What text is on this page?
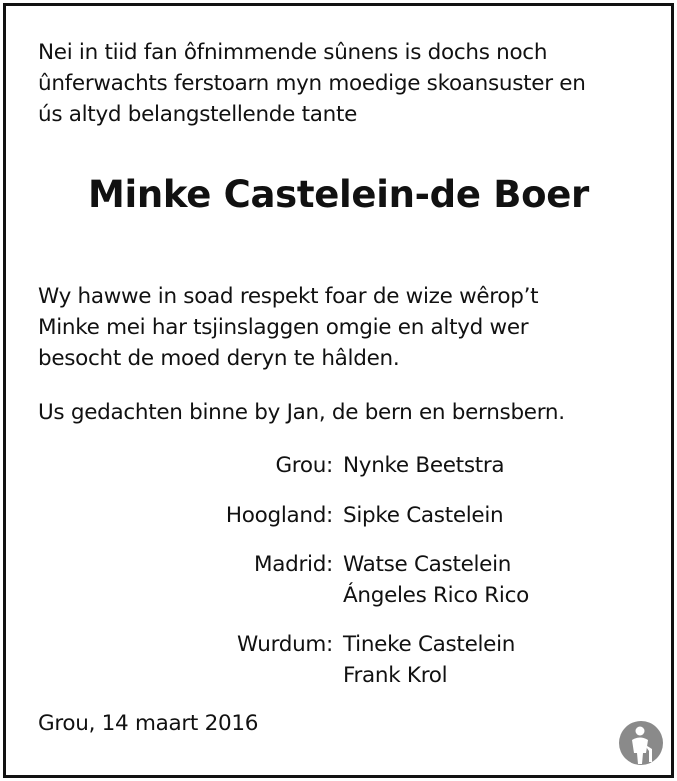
Nei in tiid fan ôfnimmende sûnens is dochs noch
ûnferwachts ferstoarn myn moedige skoansuster en
ús altyd belangstellende tante
Minke Castelein-de Boer
Wy hawwe in soad respekt foar de wize wêrop’t
Minke mei har tsjinslaggen omgie en altyd wer
besocht de moed deryn te hâlden.
Us gedachten binne by Jan, de bern en bernsbern.
Grou: Nynke Beetstra
Hoogland: Sipke Castelein
Madrid: Watse Castelein
Ángeles Rico Rico
Wurdum: Tineke Castelein
Frank Krol
Grou, 14 maart 2016
